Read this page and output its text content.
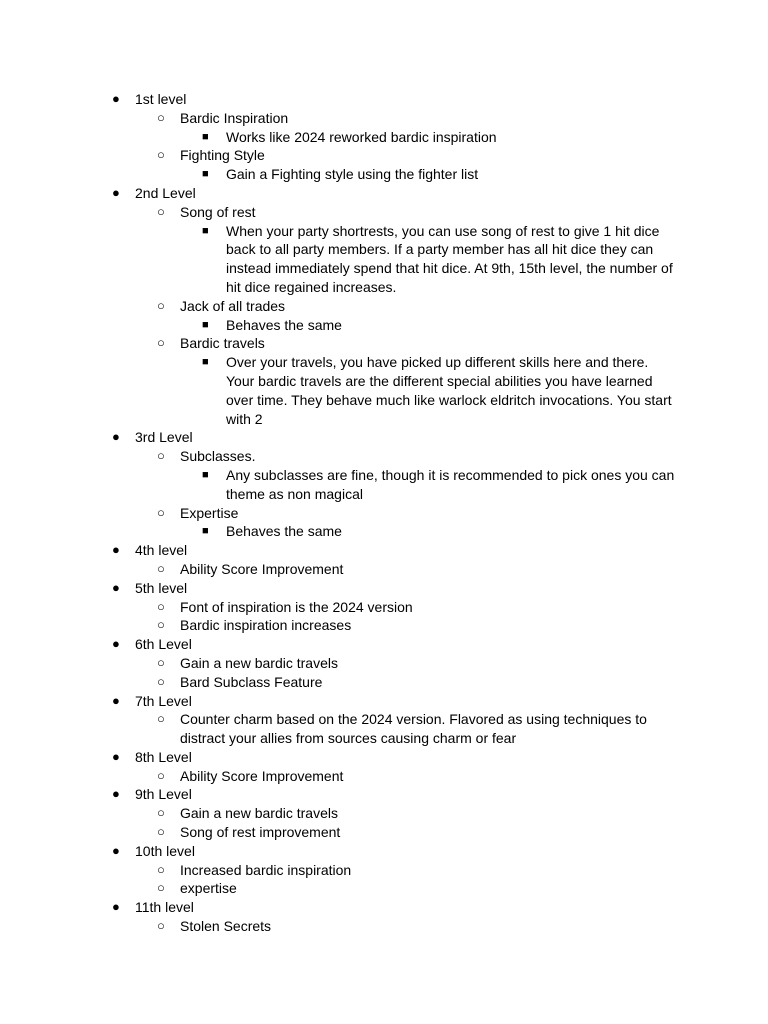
● 1st level
○ Bardic Inspiration
■ Works like 2024 reworked bardic inspiration
○ Fighting Style
■ Gain a Fighting style using the fighter list
● 2nd Level
○ Song of rest
■ When your party shortrests, you can use song of rest to give 1 hit dice back to all party members. If a party member has all hit dice they can instead immediately spend that hit dice. At 9th, 15th level, the number of hit dice regained increases.
○ Jack of all trades
■ Behaves the same
○ Bardic travels
■ Over your travels, you have picked up different skills here and there. Your bardic travels are the different special abilities you have learned over time. They behave much like warlock eldritch invocations. You start with 2
● 3rd Level
○ Subclasses.
■ Any subclasses are fine, though it is recommended to pick ones you can theme as non magical
○ Expertise
■ Behaves the same
● 4th level
○ Ability Score Improvement
● 5th level
○ Font of inspiration is the 2024 version
○ Bardic inspiration increases
● 6th Level
○ Gain a new bardic travels
○ Bard Subclass Feature
● 7th Level
○ Counter charm based on the 2024 version. Flavored as using techniques to distract your allies from sources causing charm or fear
● 8th Level
○ Ability Score Improvement
● 9th Level
○ Gain a new bardic travels
○ Song of rest improvement
● 10th level
○ Increased bardic inspiration
○ expertise
● 11th level
○ Stolen Secrets
